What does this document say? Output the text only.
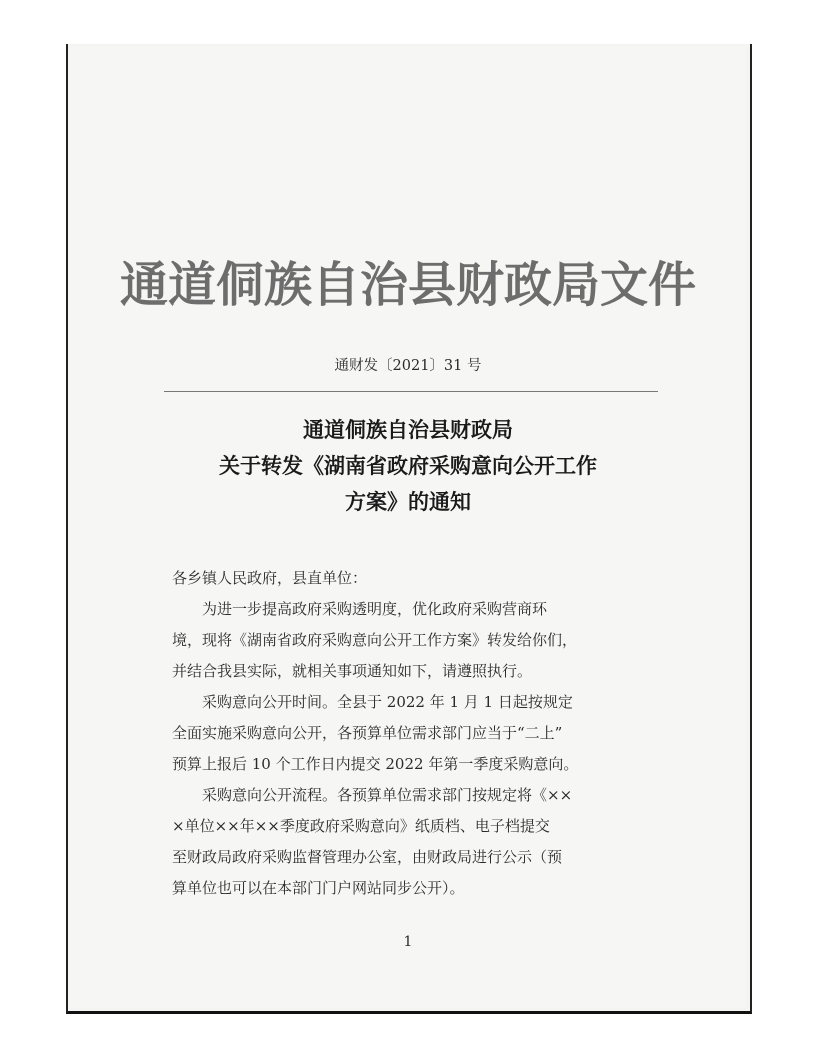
通道侗族自治县财政局文件
通财发〔2021〕31 号
通道侗族自治县财政局
关于转发《湖南省政府采购意向公开工作
方案》的通知

各乡镇人民政府，县直单位：

为进一步提高政府采购透明度，优化政府采购营商环

境，现将《湖南省政府采购意向公开工作方案》转发给你们，

并结合我县实际，就相关事项通知如下，请遵照执行。

采购意向公开时间。全县于 2022 年 1 月 1 日起按规定

全面实施采购意向公开，各预算单位需求部门应当于“二上”

预算上报后 10 个工作日内提交 2022 年第一季度采购意向。

采购意向公开流程。各预算单位需求部门按规定将《××

×单位××年××季度政府采购意向》纸质档、电子档提交

至财政局政府采购监督管理办公室，由财政局进行公示（预

算单位也可以在本部门门户网站同步公开）。

1
